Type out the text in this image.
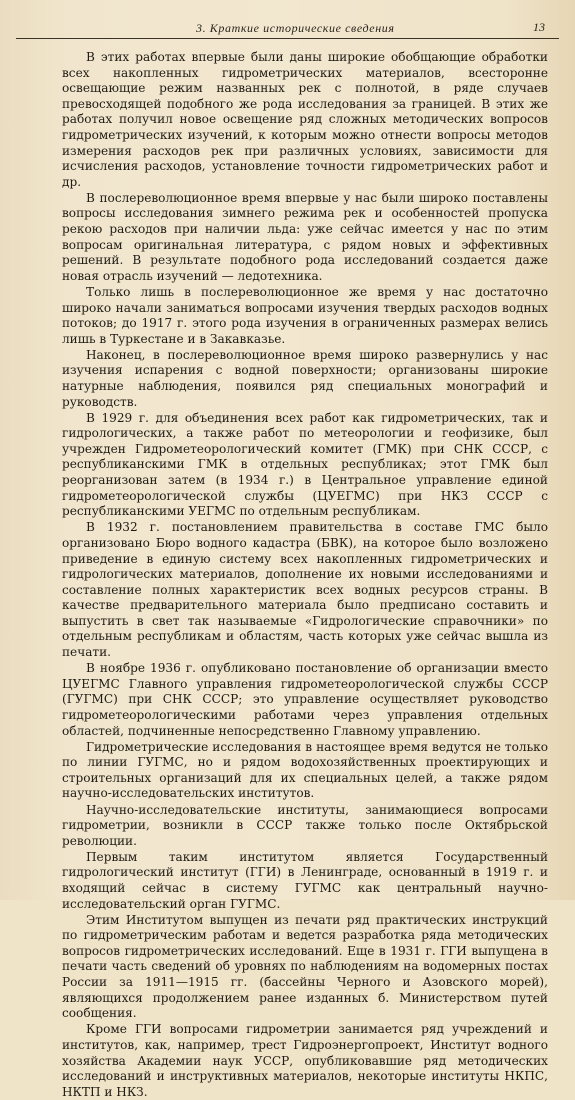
3. Краткие исторические сведения	13

В этих работах впервые были даны широкие обобщающие обработки всех накопленных гидрометрических материалов, всесторонне освещающие режим названных рек с полнотой, в ряде случаев превосходящей подобного же рода исследования за границей. В этих же работах получил новое освещение ряд сложных методических вопросов гидрометрических изучений, к которым можно отнести вопросы методов измерения расходов рек при различных условиях, зависимости для исчисления расходов, установление точности гидрометрических работ и др.

В послереволюционное время впервые у нас были широко поставлены вопросы исследования зимнего режима рек и особенностей пропуска рекою расходов при наличии льда: уже сейчас имеется у нас по этим вопросам оригинальная литература, с рядом новых и эффективных решений. В результате подобного рода исследований создается даже новая отрасль изучений — ледотехника.

Только лишь в послереволюционное же время у нас достаточно широко начали заниматься вопросами изучения твердых расходов водных потоков; до 1917 г. этого рода изучения в ограниченных размерах велись лишь в Туркестане и в Закавказье.

Наконец, в послереволюционное время широко развернулись у нас изучения испарения с водной поверхности; организованы широкие натурные наблюдения, появился ряд специальных монографий и руководств.

В 1929 г. для объединения всех работ как гидрометрических, так и гидрологических, а также работ по метеорологии и геофизике, был учрежден Гидрометеорологический комитет (ГМК) при СНК СССР, с республиканскими ГМК в отдельных республиках; этот ГМК был реорганизован затем (в 1934 г.) в Центральное управление единой гидрометеорологической службы (ЦУЕГМС) при НКЗ СССР с республиканскими УЕГМС по отдельным республикам.

В 1932 г. постановлением правительства в составе ГМС было организовано Бюро водного кадастра (БВК), на которое было возложено приведение в единую систему всех накопленных гидрометрических и гидрологических материалов, дополнение их новыми исследованиями и составление полных характеристик всех водных ресурсов страны. В качестве предварительного материала было предписано составить и выпустить в свет так называемые «Гидрологические справочники» по отдельным республикам и областям, часть которых уже сейчас вышла из печати.

В ноябре 1936 г. опубликовано постановление об организации вместо ЦУЕГМС Главного управления гидрометеорологической службы СССР (ГУГМС) при СНК СССР; это управление осуществляет руководство гидрометеорологическими работами через управления отдельных областей, подчиненные непосредственно Главному управлению.

Гидрометрические исследования в настоящее время ведутся не только по линии ГУГМС, но и рядом водохозяйственных проектирующих и строительных организаций для их специальных целей, а также рядом научно-исследовательских институтов.

Научно-исследовательские институты, занимающиеся вопросами гидрометрии, возникли в СССР также только после Октябрьской революции.

Первым таким институтом является Государственный гидрологический институт (ГГИ) в Ленинграде, основанный в 1919 г. и входящий сейчас в систему ГУГМС как центральный научно-исследовательский орган ГУГМС.

Этим Институтом выпущен из печати ряд практических инструкций по гидрометрическим работам и ведется разработка ряда методических вопросов гидрометрических исследований. Еще в 1931 г. ГГИ выпущена в печати часть сведений об уровнях по наблюдениям на водомерных постах России за 1911—1915 гг. (бассейны Черного и Азовского морей), являющихся продолжением ранее изданных б. Министерством путей сообщения.

Кроме ГГИ вопросами гидрометрии занимается ряд учреждений и институтов, как, например, трест Гидроэнергопроект, Институт водного хозяйства Академии наук УССР, опубликовавшие ряд методических исследований и инструктивных материалов, некоторые институты НКПС, НКТП и НКЗ.
